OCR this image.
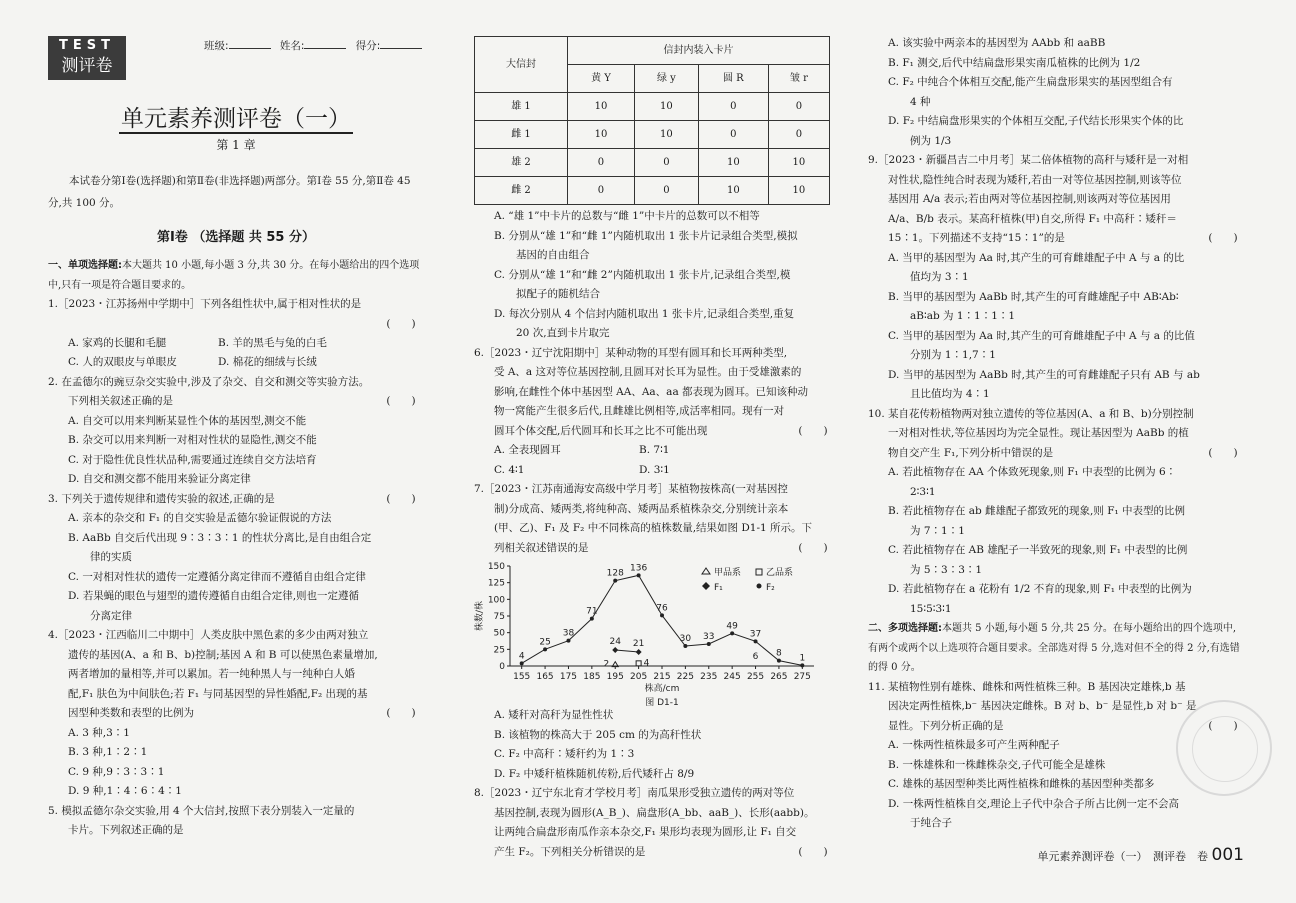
TEST
测评卷
班级:	姓名:	得分:
单元素养测评卷（一）
第 1 章
本试卷分第Ⅰ卷(选择题)和第Ⅱ卷(非选择题)两部分。第Ⅰ卷 55 分,第Ⅱ卷 45 分,共 100 分。
第Ⅰ卷 （选择题 共 55 分）

一、单项选择题:本大题共 10 小题,每小题 3 分,共 30 分。在每小题给出的四个选项中,只有一项是符合题目要求的。

1.［2023・江苏扬州中学期中］下列各组性状中,属于相对性状的是

(　　)

A. 家鸡的长腿和毛腿	B. 羊的黑毛与兔的白毛

C. 人的双眼皮与单眼皮	D. 棉花的细绒与长绒

2. 在孟德尔的豌豆杂交实验中,涉及了杂交、自交和测交等实验方法。

下列相关叙述正确的是	(　　)

A. 自交可以用来判断某显性个体的基因型,测交不能

B. 杂交可以用来判断一对相对性状的显隐性,测交不能

C. 对于隐性优良性状品种,需要通过连续自交方法培育

D. 自交和测交都不能用来验证分离定律

3. 下列关于遗传规律和遗传实验的叙述,正确的是	(　　)

A. 亲本的杂交和 F₁ 的自交实验是孟德尔验证假说的方法

B. AaBb 自交后代出现 9∶3∶3∶1 的性状分离比,是自由组合定

律的实质

C. 一对相对性状的遗传一定遵循分离定律而不遵循自由组合定律

D. 若果蝇的眼色与翅型的遗传遵循自由组合定律,则也一定遵循

分离定律

4.［2023・江西临川二中期中］人类皮肤中黑色素的多少由两对独立

遗传的基因(A、a 和 B、b)控制;基因 A 和 B 可以使黑色素量增加,

两者增加的量相等,并可以累加。若一纯种黑人与一纯种白人婚

配,F₁ 肤色为中间肤色;若 F₁ 与同基因型的异性婚配,F₂ 出现的基

因型种类数和表型的比例为	(　　)

A. 3 种,3∶1

B. 3 种,1∶2∶1

C. 9 种,9∶3∶3∶1

D. 9 种,1∶4∶6∶4∶1

5. 模拟孟德尔杂交实验,用 4 个大信封,按照下表分别装入一定量的

卡片。下列叙述正确的是

大信封	信封内装入卡片			
	黄 Y	绿 y	圆 R	皱 r
雄 1	10	10	0	0
雌 1	10	10	0	0
雄 2	0	0	10	10
雌 2	0	0	10	10

A. “雄 1”中卡片的总数与“雌 1”中卡片的总数可以不相等

B. 分别从“雄 1”和“雌 1”内随机取出 1 张卡片记录组合类型,模拟

基因的自由组合

C. 分别从“雄 1”和“雌 2”内随机取出 1 张卡片,记录组合类型,模

拟配子的随机结合

D. 每次分别从 4 个信封内随机取出 1 张卡片,记录组合类型,重复

20 次,直到卡片取完

6.［2023・辽宁沈阳期中］某种动物的耳型有圆耳和长耳两种类型,

受 A、a 这对等位基因控制,且圆耳对长耳为显性。由于受雄激素的

影响,在雌性个体中基因型 AA、Aa、aa 都表现为圆耳。已知该种动

物一窝能产生很多后代,且雌雄比例相等,成活率相同。现有一对

圆耳个体交配,后代圆耳和长耳之比不可能出现	(　　)

A. 全表现圆耳	B. 7∶1

C. 4∶1	D. 3∶1

7.［2023・江苏南通海安高级中学月考］某植物按株高(一对基因控

制)分成高、矮两类,将纯种高、矮两品系植株杂交,分别统计亲本

(甲、乙)、F₁ 及 F₂ 中不同株高的植株数量,结果如图 D1-1 所示。下

列相关叙述错误的是	(　　)

0
25
50
75
100
125
150
155 165 175 185 195 205 215 225 235 245 255 265 275
株高/cm
株数/株
图 D1-1
4
25
38
71
128
136
76
30 33
49
37
8 1
24 21
2	4
6
甲品系	乙品系
F₁	F₂

A. 矮秆对高秆为显性性状

B. 该植物的株高大于 205 cm 的为高秆性状

C. F₂ 中高秆∶矮秆约为 1∶3

D. F₂ 中矮秆植株随机传粉,后代矮秆占 8/9

8.［2023・辽宁东北育才学校月考］南瓜果形受独立遗传的两对等位

基因控制,表现为圆形(A_B_)、扁盘形(A_bb、aaB_)、长形(aabb)。

让两纯合扁盘形南瓜作亲本杂交,F₁ 果形均表现为圆形,让 F₁ 自交

产生 F₂。下列相关分析错误的是	(　　)

A. 该实验中两亲本的基因型为 AAbb 和 aaBB

B. F₁ 测交,后代中结扁盘形果实南瓜植株的比例为 1/2

C. F₂ 中纯合个体相互交配,能产生扁盘形果实的基因型组合有

4 种

D. F₂ 中结扁盘形果实的个体相互交配,子代结长形果实个体的比

例为 1/3

9.［2023・新疆昌吉二中月考］某二倍体植物的高秆与矮秆是一对相

对性状,隐性纯合时表现为矮秆,若由一对等位基因控制,则该等位

基因用 A/a 表示;若由两对等位基因控制,则该两对等位基因用

A/a、B/b 表示。某高秆植株(甲)自交,所得 F₁ 中高秆∶矮秆＝

15∶1。下列描述不支持“15∶1”的是	(　　)

A. 当甲的基因型为 Aa 时,其产生的可育雌雄配子中 A 与 a 的比

值均为 3∶1

B. 当甲的基因型为 AaBb 时,其产生的可育雌雄配子中 AB∶Ab∶

aB∶ab 为 1∶1∶1∶1

C. 当甲的基因型为 Aa 时,其产生的可育雌雄配子中 A 与 a 的比值

分别为 1∶1,7∶1

D. 当甲的基因型为 AaBb 时,其产生的可育雌雄配子只有 AB 与 ab

且比值均为 4∶1

10. 某自花传粉植物两对独立遗传的等位基因(A、a 和 B、b)分别控制

一对相对性状,等位基因均为完全显性。现让基因型为 AaBb 的植

物自交产生 F₁,下列分析中错误的是	(　　)

A. 若此植物存在 AA 个体致死现象,则 F₁ 中表型的比例为 6∶

2∶3∶1

B. 若此植物存在 ab 雌雄配子都致死的现象,则 F₁ 中表型的比例

为 7∶1∶1

C. 若此植物存在 AB 雄配子一半致死的现象,则 F₁ 中表型的比例

为 5∶3∶3∶1

D. 若此植物存在 a 花粉有 1/2 不育的现象,则 F₁ 中表型的比例为

15∶5∶3∶1

二、多项选择题:本题共 5 小题,每小题 5 分,共 25 分。在每小题给出的四个选项中,有两个或两个以上选项符合题目要求。全部选对得 5 分,选对但不全的得 2 分,有选错的得 0 分。

11. 某植物性别有雄株、雌株和两性植株三种。B 基因决定雄株,b 基

因决定两性植株,b⁻ 基因决定雌株。B 对 b、b⁻ 是显性,b 对 b⁻ 是

显性。下列分析正确的是	(　　)

A. 一株两性植株最多可产生两种配子

B. 一株雄株和一株雌株杂交,子代可能全是雄株

C. 雄株的基因型种类比两性植株和雌株的基因型种类都多

D. 一株两性植株自交,理论上子代中杂合子所占比例一定不会高

于纯合子

单元素养测评卷（一）　测评卷　卷 001
